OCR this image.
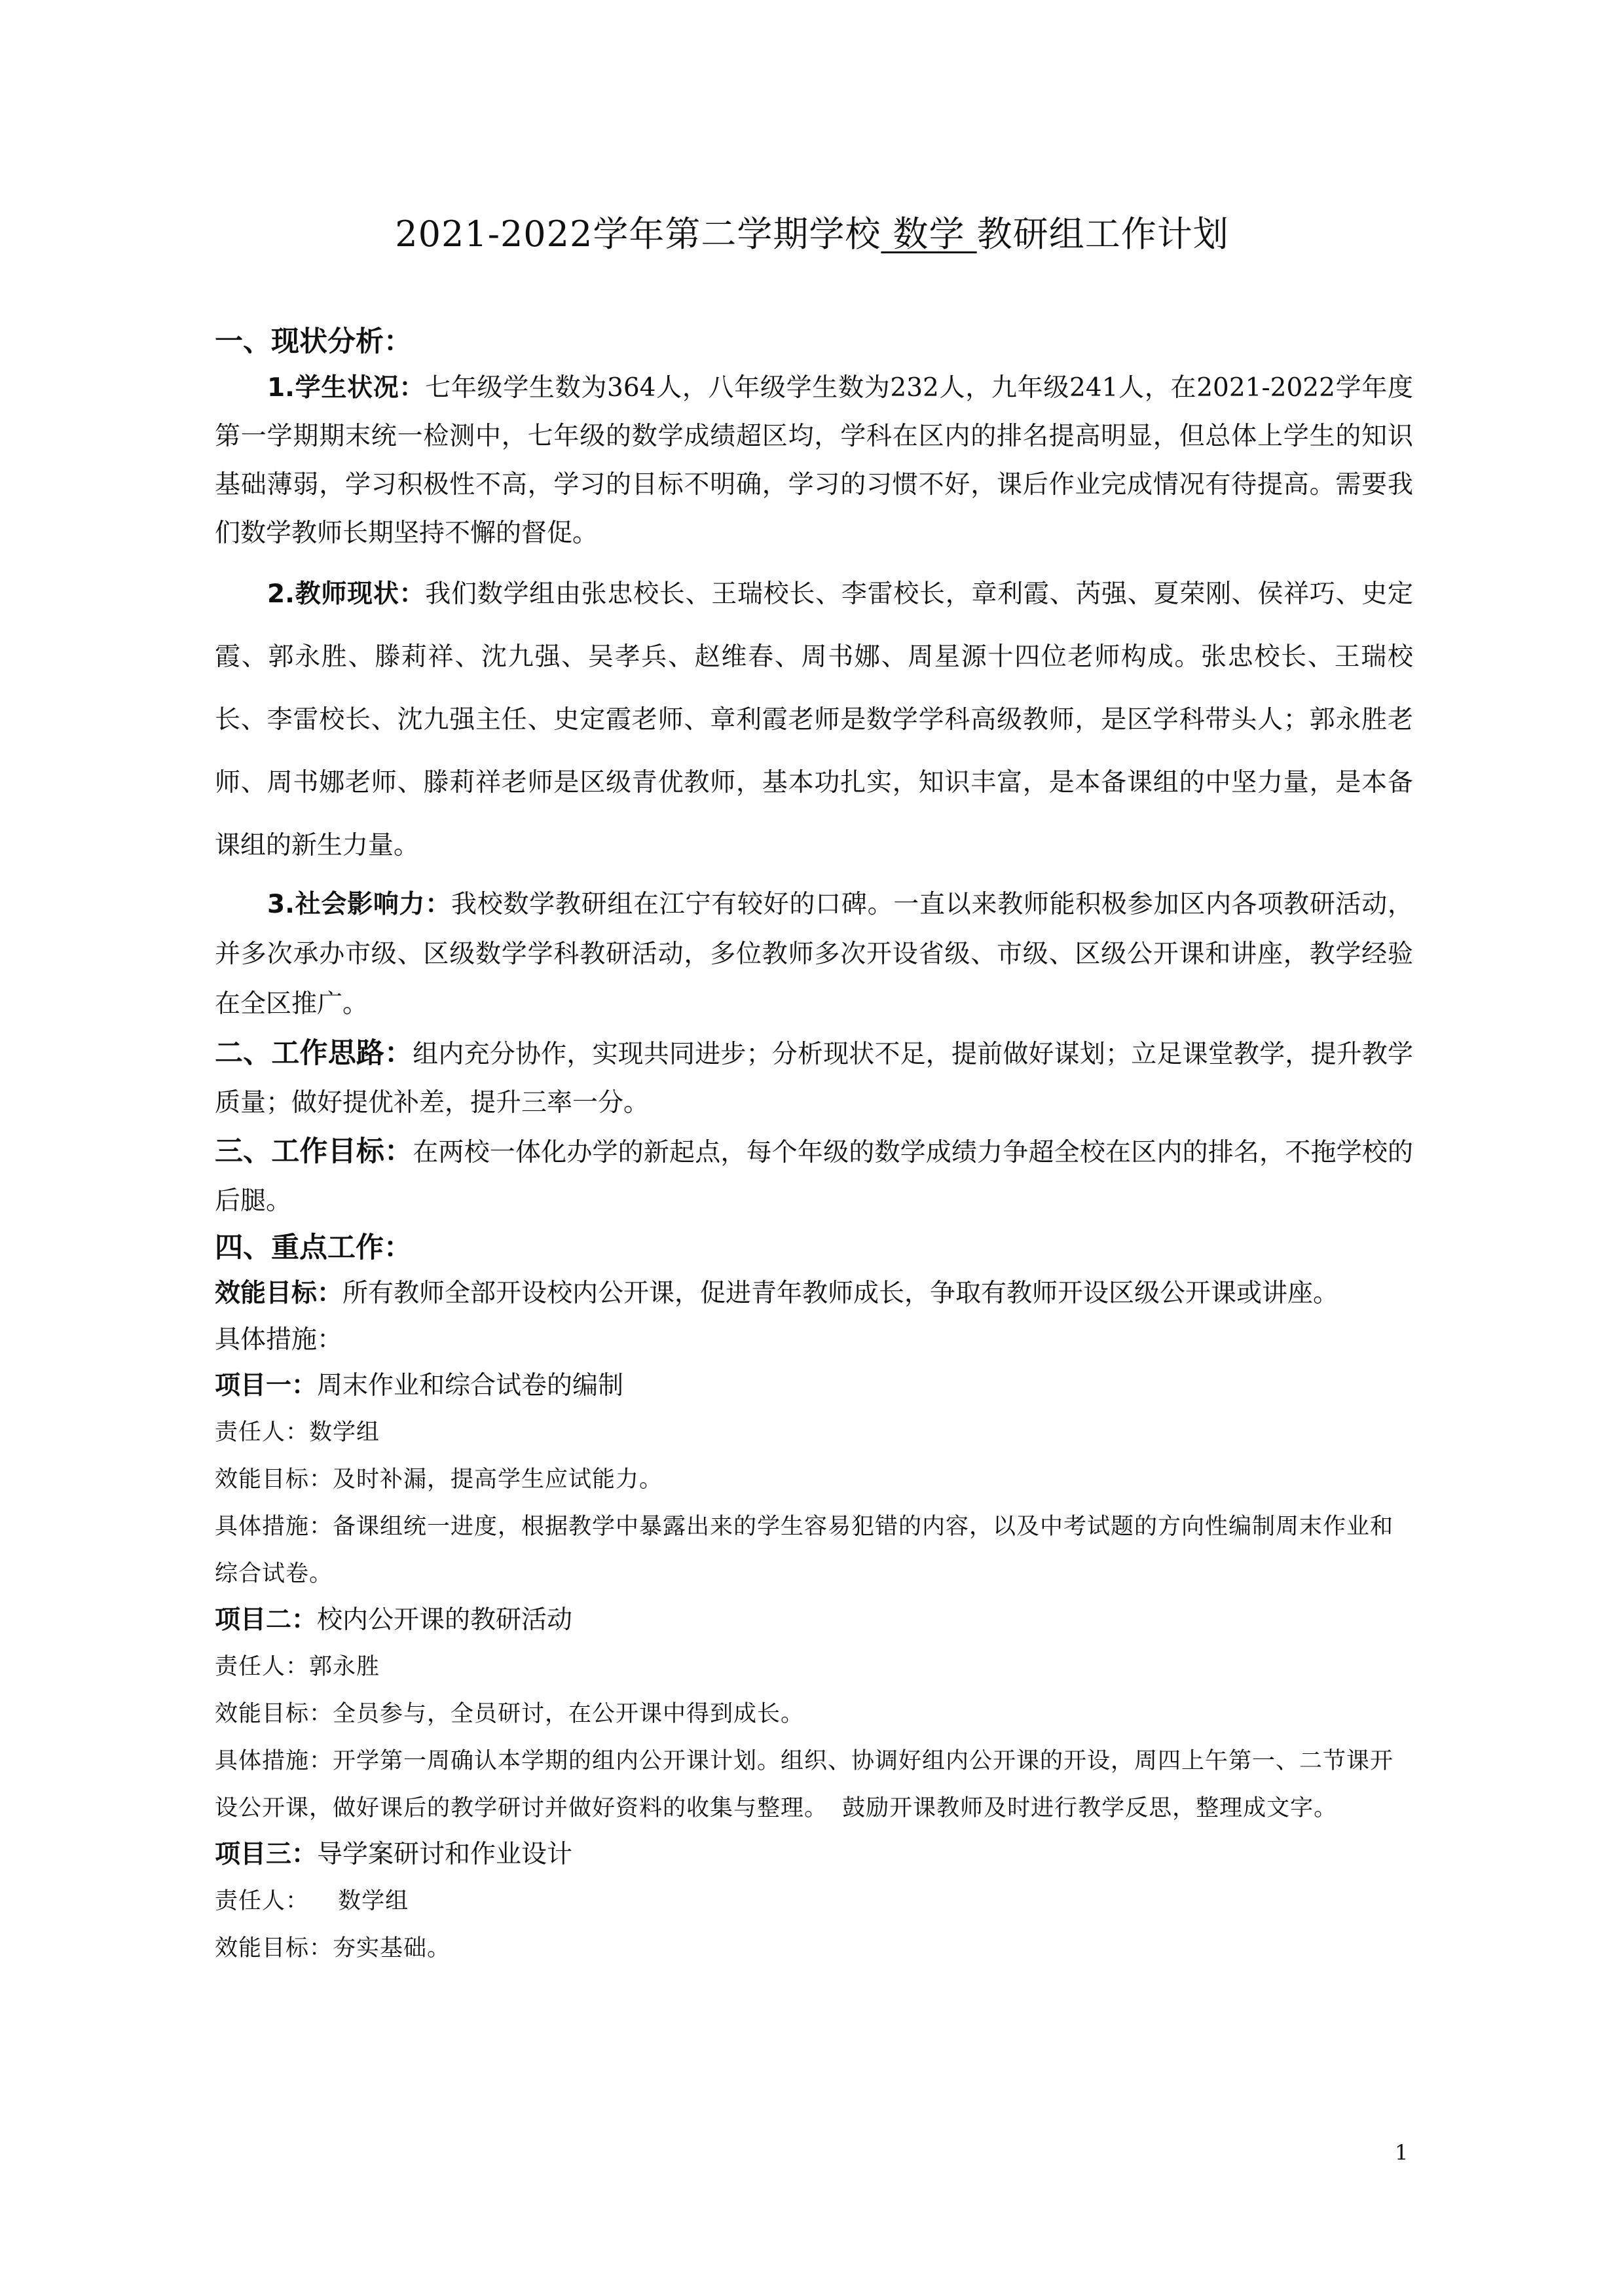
2021-2022学年第二学期学校 数学 教研组工作计划
一、现状分析：

1.学生状况：七年级学生数为364人，八年级学生数为232人，九年级241人，在2021-2022学年度第一学期期末统一检测中，七年级的数学成绩超区均，学科在区内的排名提高明显，但总体上学生的知识基础薄弱，学习积极性不高，学习的目标不明确，学习的习惯不好，课后作业完成情况有待提高。需要我们数学教师长期坚持不懈的督促。

2.教师现状：我们数学组由张忠校长、王瑞校长、李雷校长，章利霞、芮强、夏荣刚、侯祥巧、史定霞、郭永胜、滕莉祥、沈九强、吴孝兵、赵维春、周书娜、周星源十四位老师构成。张忠校长、王瑞校长、李雷校长、沈九强主任、史定霞老师、章利霞老师是数学学科高级教师，是区学科带头人；郭永胜老师、周书娜老师、滕莉祥老师是区级青优教师，基本功扎实，知识丰富，是本备课组的中坚力量，是本备课组的新生力量。

3.社会影响力：我校数学教研组在江宁有较好的口碑。一直以来教师能积极参加区内各项教研活动，并多次承办市级、区级数学学科教研活动，多位教师多次开设省级、市级、区级公开课和讲座，教学经验在全区推广。

二、工作思路：组内充分协作，实现共同进步；分析现状不足，提前做好谋划；立足课堂教学，提升教学质量；做好提优补差，提升三率一分。

三、工作目标：在两校一体化办学的新起点，每个年级的数学成绩力争超全校在区内的排名，不拖学校的后腿。

四、重点工作：

效能目标：所有教师全部开设校内公开课，促进青年教师成长，争取有教师开设区级公开课或讲座。

具体措施：

项目一：周末作业和综合试卷的编制

责任人：数学组

效能目标：及时补漏，提高学生应试能力。

具体措施：备课组统一进度，根据教学中暴露出来的学生容易犯错的内容，以及中考试题的方向性编制周末作业和综合试卷。

项目二：校内公开课的教研活动

责任人：郭永胜

效能目标：全员参与，全员研讨，在公开课中得到成长。

具体措施：开学第一周确认本学期的组内公开课计划。组织、协调好组内公开课的开设，周四上午第一、二节课开设公开课，做好课后的教学研讨并做好资料的收集与整理。 鼓励开课教师及时进行教学反思，整理成文字。

项目三：导学案研讨和作业设计

责任人：  数学组

效能目标：夯实基础。

1
